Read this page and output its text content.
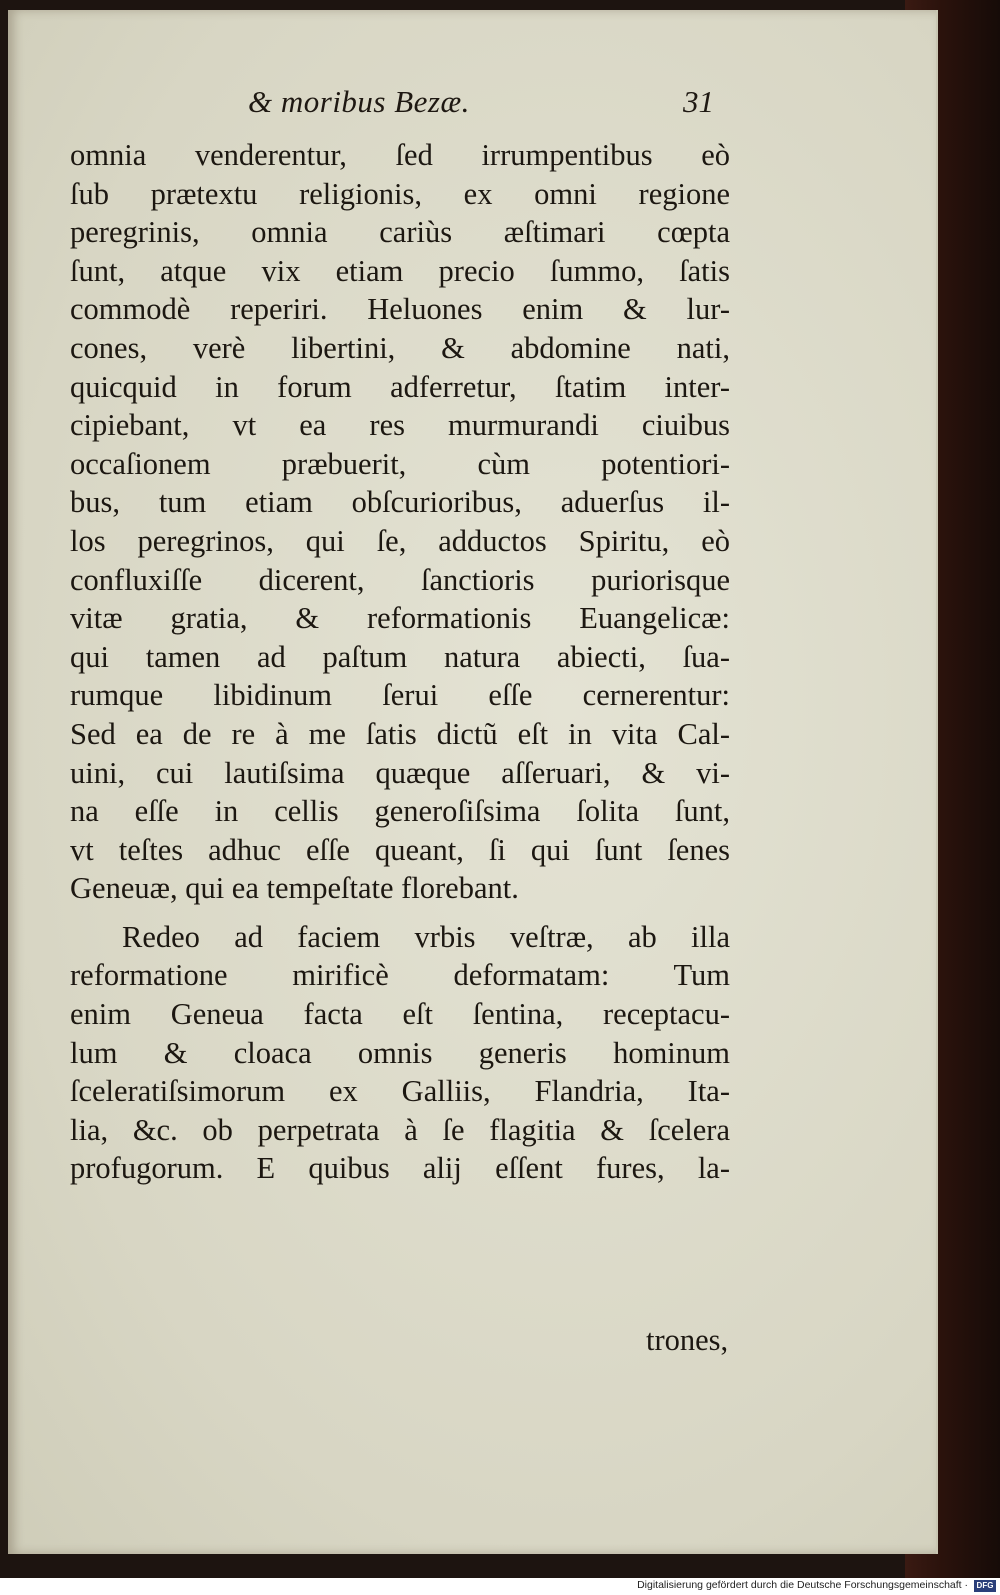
& moribus Bezæ.	31
omnia venderentur, ſed irrumpentibus eò
ſub prætextu religionis, ex omni regione
peregrinis, omnia cariùs æſtimari cœpta
ſunt, atque vix etiam precio ſummo, ſatis
commodè reperiri. Heluones enim & lur-
cones, verè libertini, & abdomine nati,
quicquid in forum adferretur, ſtatim inter-
cipiebant, vt ea res murmurandi ciuibus
occaſionem præbuerit, cùm potentiori-
bus, tum etiam obſcurioribus, aduerſus il-
los peregrinos, qui ſe, adductos Spiritu, eò
confluxiſſe dicerent, ſanctioris puriorisque
vitæ gratia, & reformationis Euangelicæ:
qui tamen ad paſtum natura abiecti, ſua-
rumque libidinum ſerui eſſe cernerentur:
Sed ea de re à me ſatis dictũ eſt in vita Cal-
uini, cui lautiſsima quæque aſſeruari, & vi-
na eſſe in cellis generoſiſsima ſolita ſunt,
vt teſtes adhuc eſſe queant, ſi qui ſunt ſenes
Geneuæ, qui ea tempeſtate florebant.
Redeo ad faciem vrbis veſtræ, ab illa
reformatione mirificè deformatam: Tum
enim Geneua facta eſt ſentina, receptacu-
lum & cloaca omnis generis hominum
ſceleratiſsimorum ex Galliis, Flandria, Ita-
lia, &c. ob perpetrata à ſe flagitia & ſcelera
profugorum. E quibus alij eſſent fures, la-
trones,
Digitalisierung gefördert durch die Deutsche Forschungsgemeinschaft ·	DFG
